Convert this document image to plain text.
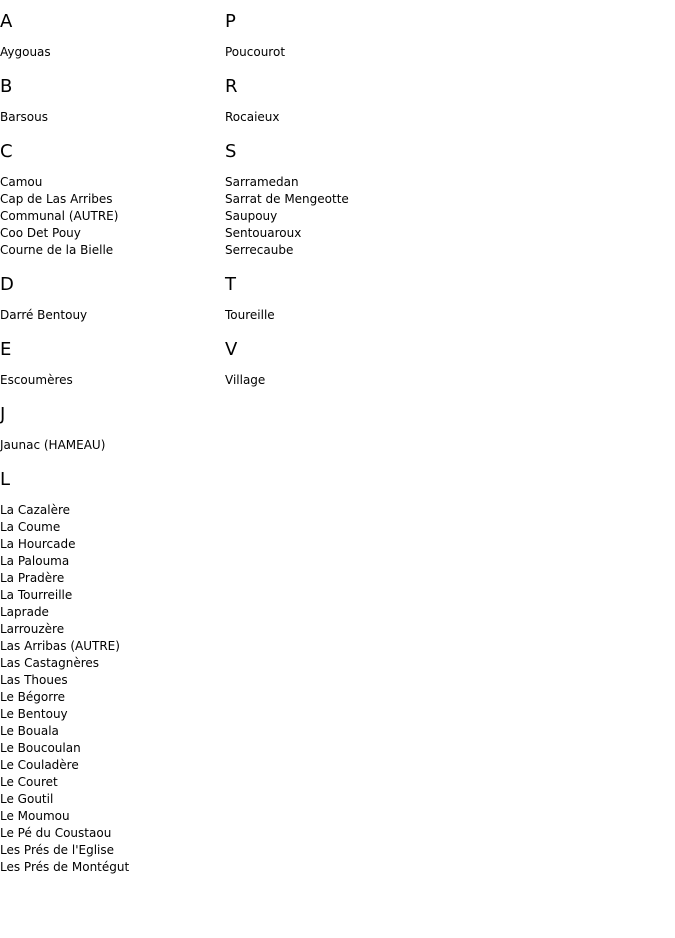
A
Aygouas
B
Barsous
C
Camou
Cap de Las Arribes
Communal (AUTRE)
Coo Det Pouy
Courne de la Bielle
D
Darré Bentouy
E
Escoumères
J
Jaunac (HAMEAU)
L
La Cazalère
La Coume
La Hourcade
La Palouma
La Pradère
La Tourreille
Laprade
Larrouzère
Las Arribas (AUTRE)
Las Castagnères
Las Thoues
Le Bégorre
Le Bentouy
Le Bouala
Le Boucoulan
Le Couladère
Le Couret
Le Goutil
Le Moumou
Le Pé du Coustaou
Les Prés de l'Eglise
Les Prés de Montégut
P
Poucourot
R
Rocaieux
S
Sarramedan
Sarrat de Mengeotte
Saupouy
Sentouaroux
Serrecaube
T
Toureille
V
Village
